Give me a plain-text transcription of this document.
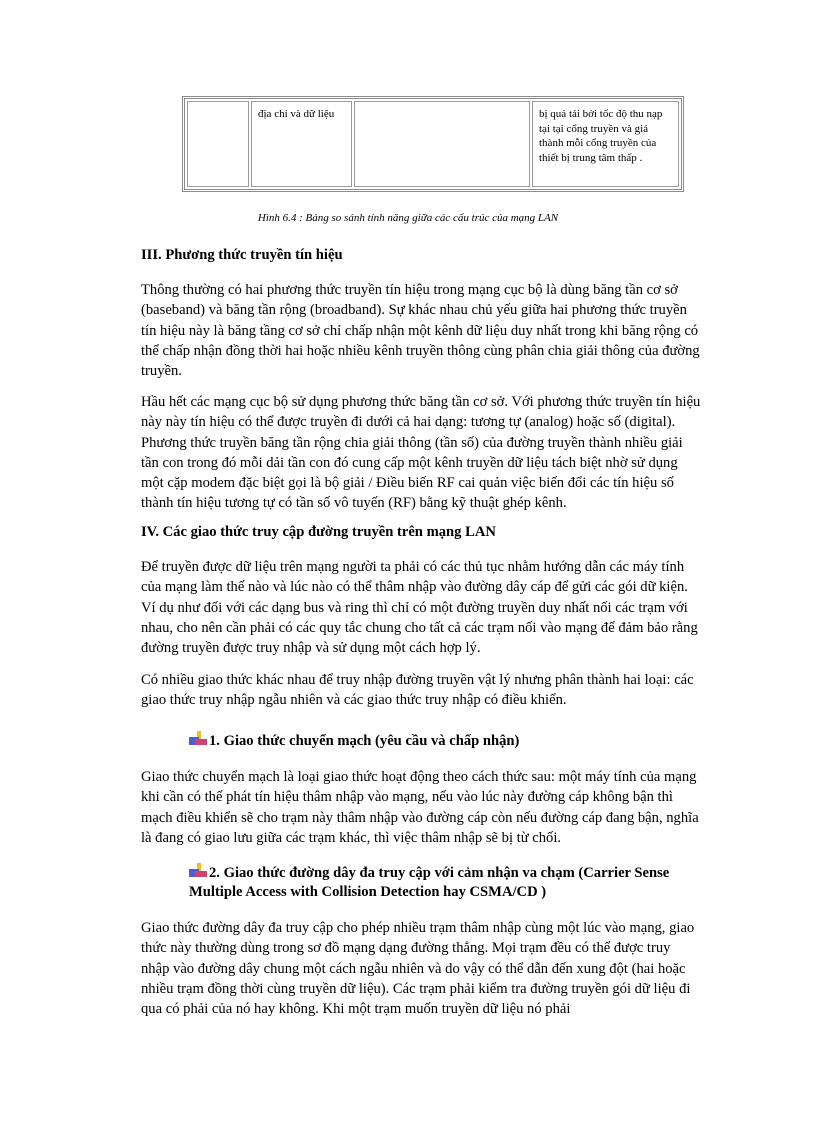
	địa chỉ và dữ liệu		bị quá tải bởi tốc độ thu nạp tại tại cổng truyền và giá thành mỗi cổng truyền của thiết bị trung tâm thấp .
Hình 6.4 : Bảng so sánh tính năng giữa các cấu trúc của mạng LAN
III. Phương thức truyền tín hiệu

Thông thường có hai phương thức truyền tín hiệu trong mạng cục bộ là dùng băng tần cơ sở (baseband) và băng tần rộng (broadband). Sự khác nhau chủ yếu giữa hai phương thức truyền tín hiệu này là băng tầng cơ sở chỉ chấp nhận một kênh dữ liệu duy nhất trong khi băng rộng có thể chấp nhận đồng thời hai hoặc nhiều kênh truyền thông cùng phân chia giải thông của đường truyền.

Hầu hết các mạng cục bộ sử dụng phương thức băng tần cơ sở. Với phương thức truyền tín hiệu này này tín hiệu có thể được truyền đi dưới cả hai dạng: tương tự (analog) hoặc số (digital). Phương thức truyền băng tần rộng chia giải thông (tần số) của đường truyền thành nhiều giải tần con trong đó mỗi dải tần con đó cung cấp một kênh truyền dữ liệu tách biệt nhờ sử dụng một cặp modem đặc biệt gọi là bộ giải / Điều biến RF cai quản việc biến đổi các tín hiệu số thành tín hiệu tương tự có tần số vô tuyến (RF) bằng kỹ thuật ghép kênh.

IV. Các giao thức truy cập đường truyền trên mạng LAN

Để truyền được dữ liệu trên mạng người ta phải có các thủ tục nhằm hướng dẫn các máy tính của mạng làm thế nào và lúc nào có thể thâm nhập vào đường dây cáp để gửi các gói dữ kiện. Ví dụ như đối với các dạng bus và ring thì chỉ có một đường truyền duy nhất nối các trạm với nhau, cho nên cần phải có các quy tắc chung cho tất cả các trạm nối vào mạng để đảm bảo rằng đường truyền được truy nhập và sử dụng một cách hợp lý.

Có nhiều giao thức khác nhau để truy nhập đường truyền vật lý nhưng phân thành hai loại: các giao thức truy nhập ngẫu nhiên và các giao thức truy nhập có điều khiển.

1. Giao thức chuyển mạch (yêu cầu và chấp nhận)

Giao thức chuyển mạch là loại giao thức hoạt động theo cách thức sau: một máy tính của mạng khi cần có thể phát tín hiệu thâm nhập vào mạng, nếu vào lúc này đường cáp không bận thì mạch điều khiển sẽ cho trạm này thâm nhập vào đường cáp còn nếu đường cáp đang bận, nghĩa là đang có giao lưu giữa các trạm khác, thì việc thâm nhập sẽ bị từ chối.

2. Giao thức đường dây đa truy cập với cảm nhận va chạm (Carrier Sense Multiple Access with Collision Detection hay CSMA/CD )

Giao thức đường dây đa truy cập cho phép nhiều trạm thâm nhập cùng một lúc vào mạng, giao thức này thường dùng trong sơ đồ mạng dạng đường thẳng. Mọi trạm đều có thể được truy nhập vào đường dây chung một cách ngẫu nhiên và do vậy có thể dẫn đến xung đột (hai hoặc nhiều trạm đồng thời cùng truyền dữ liệu). Các trạm phải kiểm tra đường truyền gói dữ liệu đi qua có phải của nó hay không. Khi một trạm muốn truyền dữ liệu nó phải
